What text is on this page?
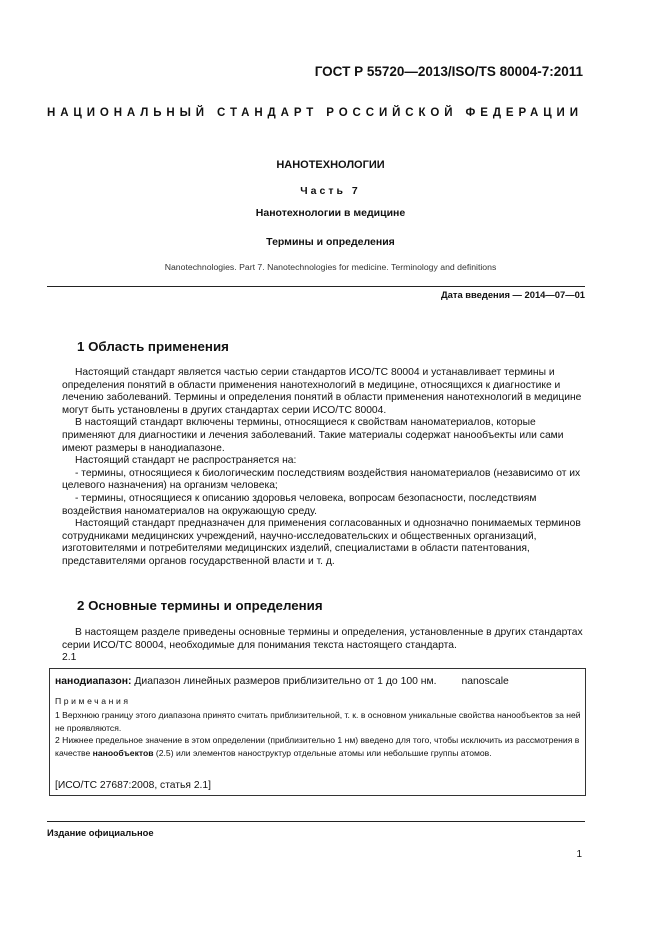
ГОСТ Р 55720—2013/ISO/TS 80004-7:2011
НАЦИОНАЛЬНЫЙ СТАНДАРТ РОССИЙСКОЙ ФЕДЕРАЦИИ
НАНОТЕХНОЛОГИИ
Часть 7
Нанотехнологии в медицине
Термины и определения
Nanotechnologies. Part 7. Nanotechnologies for medicine. Terminology and definitions
Дата введения — 2014—07—01
1 Область применения

Настоящий стандарт является частью серии стандартов ИСО/ТС 80004 и устанавливает термины и определения понятий в области применения нанотехнологий в медицине, относящихся к диагностике и лечению заболеваний. Термины и определения понятий в области применения нанотехнологий в медицине могут быть установлены в других стандартах серии ИСО/ТС 80004.

В настоящий стандарт включены термины, относящиеся к свойствам наноматериалов, которые применяют для диагностики и лечения заболеваний. Такие материалы содержат нанообъекты или сами имеют размеры в нанодиапазоне.

Настоящий стандарт не распространяется на:

- термины, относящиеся к биологическим последствиям воздействия наноматериалов (независимо от их целевого назначения) на организм человека;

- термины, относящиеся к описанию здоровья человека, вопросам безопасности, последствиям воздействия наноматериалов на окружающую среду.

Настоящий стандарт предназначен для применения согласованных и однозначно понимаемых терминов сотрудниками медицинских учреждений, научно-исследовательских и общественных организаций, изготовителями и потребителями медицинских изделий, специалистами в области патентования, представителями органов государственной власти и т. д.

2 Основные термины и определения

В настоящем разделе приведены основные термины и определения, установленные в других стандартах серии ИСО/ТС 80004, необходимые для понимания текста настоящего стандарта.

2.1
нанодиапазон: Диапазон линейных размеров приблизительно от 1 до 100 нм. nanoscale
Примечания

1 Верхнюю границу этого диапазона принято считать приблизительной, т. к. в основном уникальные свойства нанообъектов за ней не проявляются.

2 Нижнее предельное значение в этом определении (приблизительно 1 нм) введено для того, чтобы исключить из рассмотрения в качестве нанообъектов (2.5) или элементов наноструктур отдельные атомы или небольшие группы атомов.

[ИСО/ТС 27687:2008, статья 2.1]
Издание официальное
1
